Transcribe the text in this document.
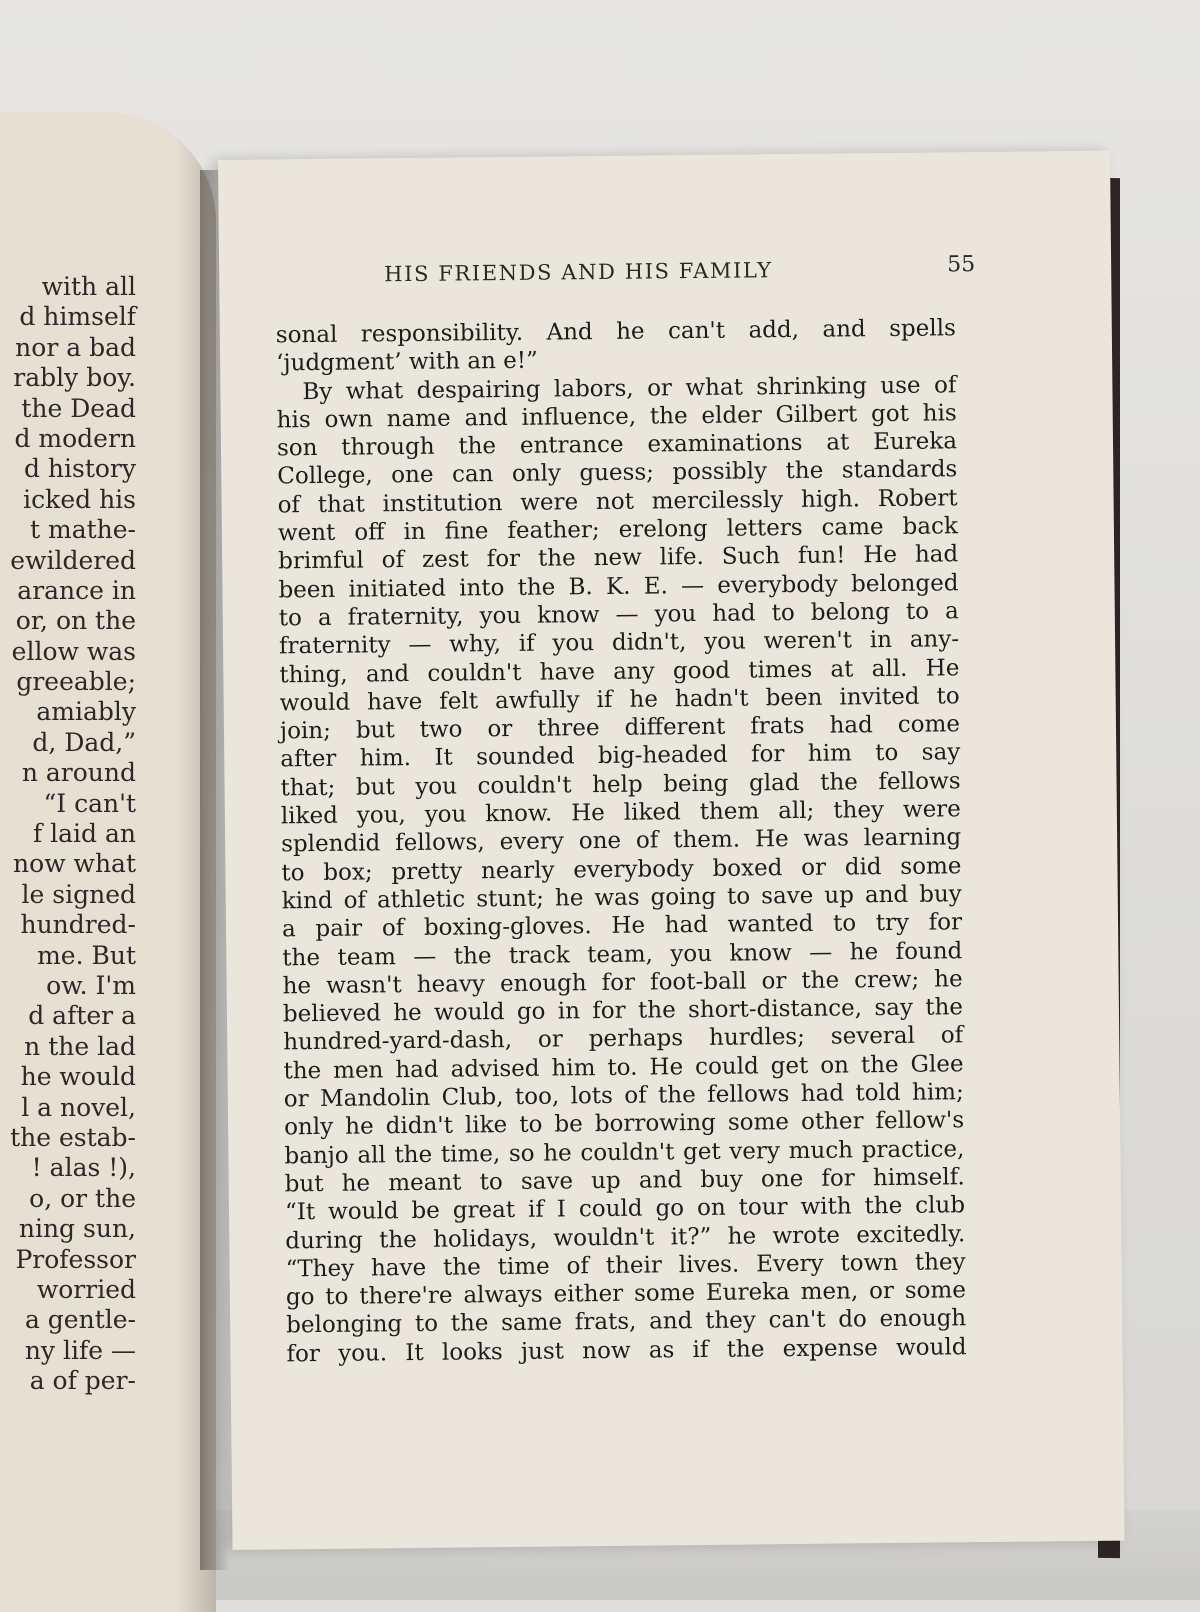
with all
d himself
nor a bad
rably boy.
the Dead
d modern
d history
icked his
t mathe-
ewildered
arance in
or, on the
ellow was
greeable;
amiably
d, Dad,”
n around
“I can't
f laid an
now what
le signed
hundred-
me. But
ow. I'm
d after a
n the lad
he would
l a novel,
the estab-
! alas !),
o, or the
ning sun,
Professor
worried
a gentle-
ny life —
a of per-
HIS FRIENDS AND HIS FAMILY	55
sonal responsibility. And he can't add, and spells
‘judgment’ with an e!”
By what despairing labors, or what shrinking use of
his own name and influence, the elder Gilbert got his
son through the entrance examinations at Eureka
College, one can only guess; possibly the standards
of that institution were not mercilessly high. Robert
went off in fine feather; erelong letters came back
brimful of zest for the new life. Such fun! He had
been initiated into the B. K. E. — everybody belonged
to a fraternity, you know — you had to belong to a
fraternity — why, if you didn't, you weren't in any-
thing, and couldn't have any good times at all. He
would have felt awfully if he hadn't been invited to
join; but two or three different frats had come
after him. It sounded big-headed for him to say
that; but you couldn't help being glad the fellows
liked you, you know. He liked them all; they were
splendid fellows, every one of them. He was learning
to box; pretty nearly everybody boxed or did some
kind of athletic stunt; he was going to save up and buy
a pair of boxing-gloves. He had wanted to try for
the team — the track team, you know — he found
he wasn't heavy enough for foot-ball or the crew; he
believed he would go in for the short-distance, say the
hundred-yard-dash, or perhaps hurdles; several of
the men had advised him to. He could get on the Glee
or Mandolin Club, too, lots of the fellows had told him;
only he didn't like to be borrowing some other fellow's
banjo all the time, so he couldn't get very much practice,
but he meant to save up and buy one for himself.
“It would be great if I could go on tour with the club
during the holidays, wouldn't it?” he wrote excitedly.
“They have the time of their lives. Every town they
go to there're always either some Eureka men, or some
belonging to the same frats, and they can't do enough
for you. It looks just now as if the expense would
